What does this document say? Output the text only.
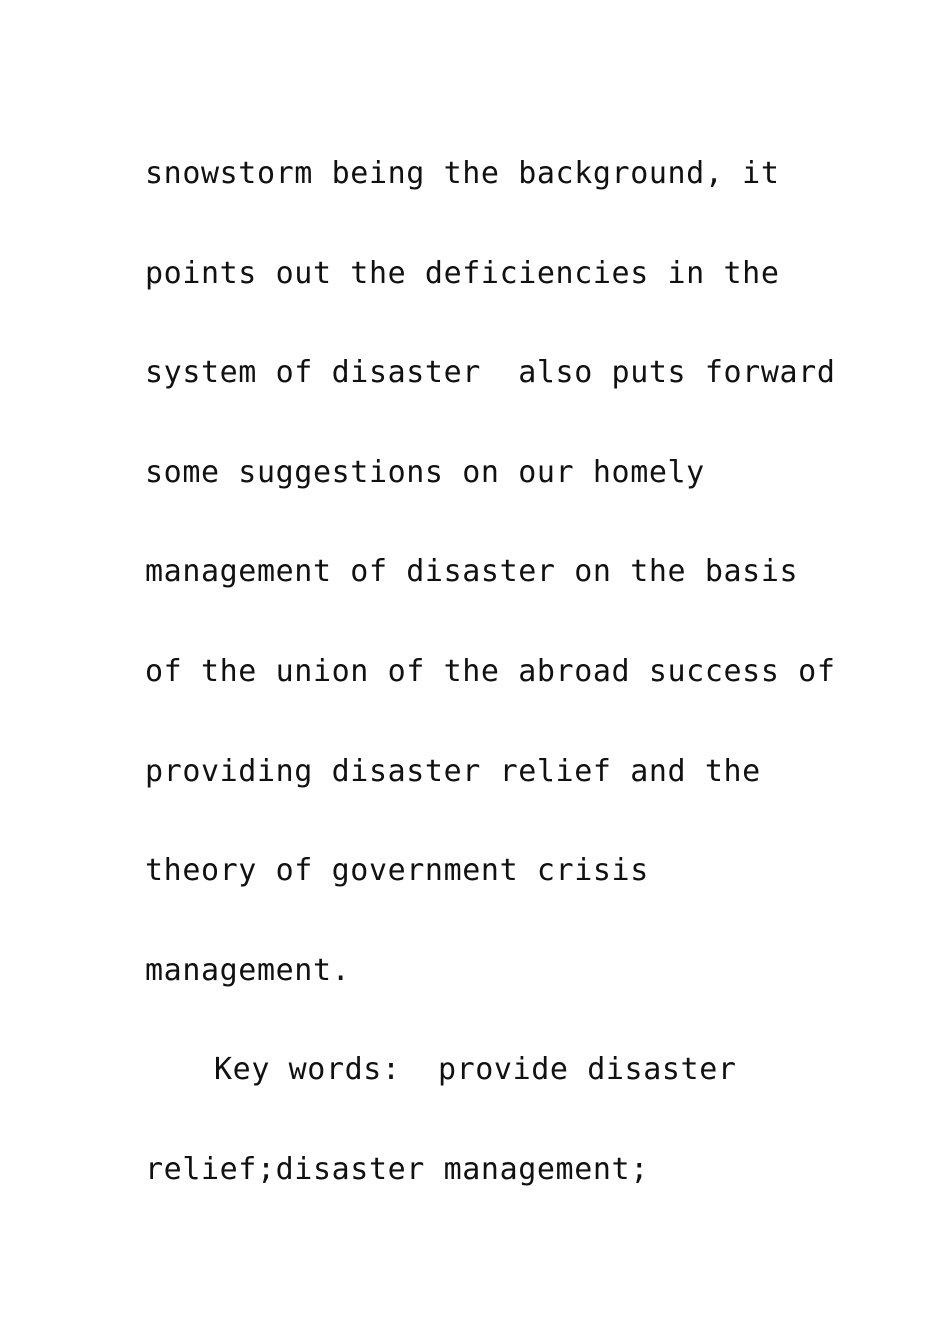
snowstorm being the background, it
points out the deficiencies in the
system of disaster  also puts forward
some suggestions on our homely
management of disaster on the basis
of the union of the abroad success of
providing disaster relief and the
theory of government crisis
management.
Key words:  provide disaster
relief;disaster management;
